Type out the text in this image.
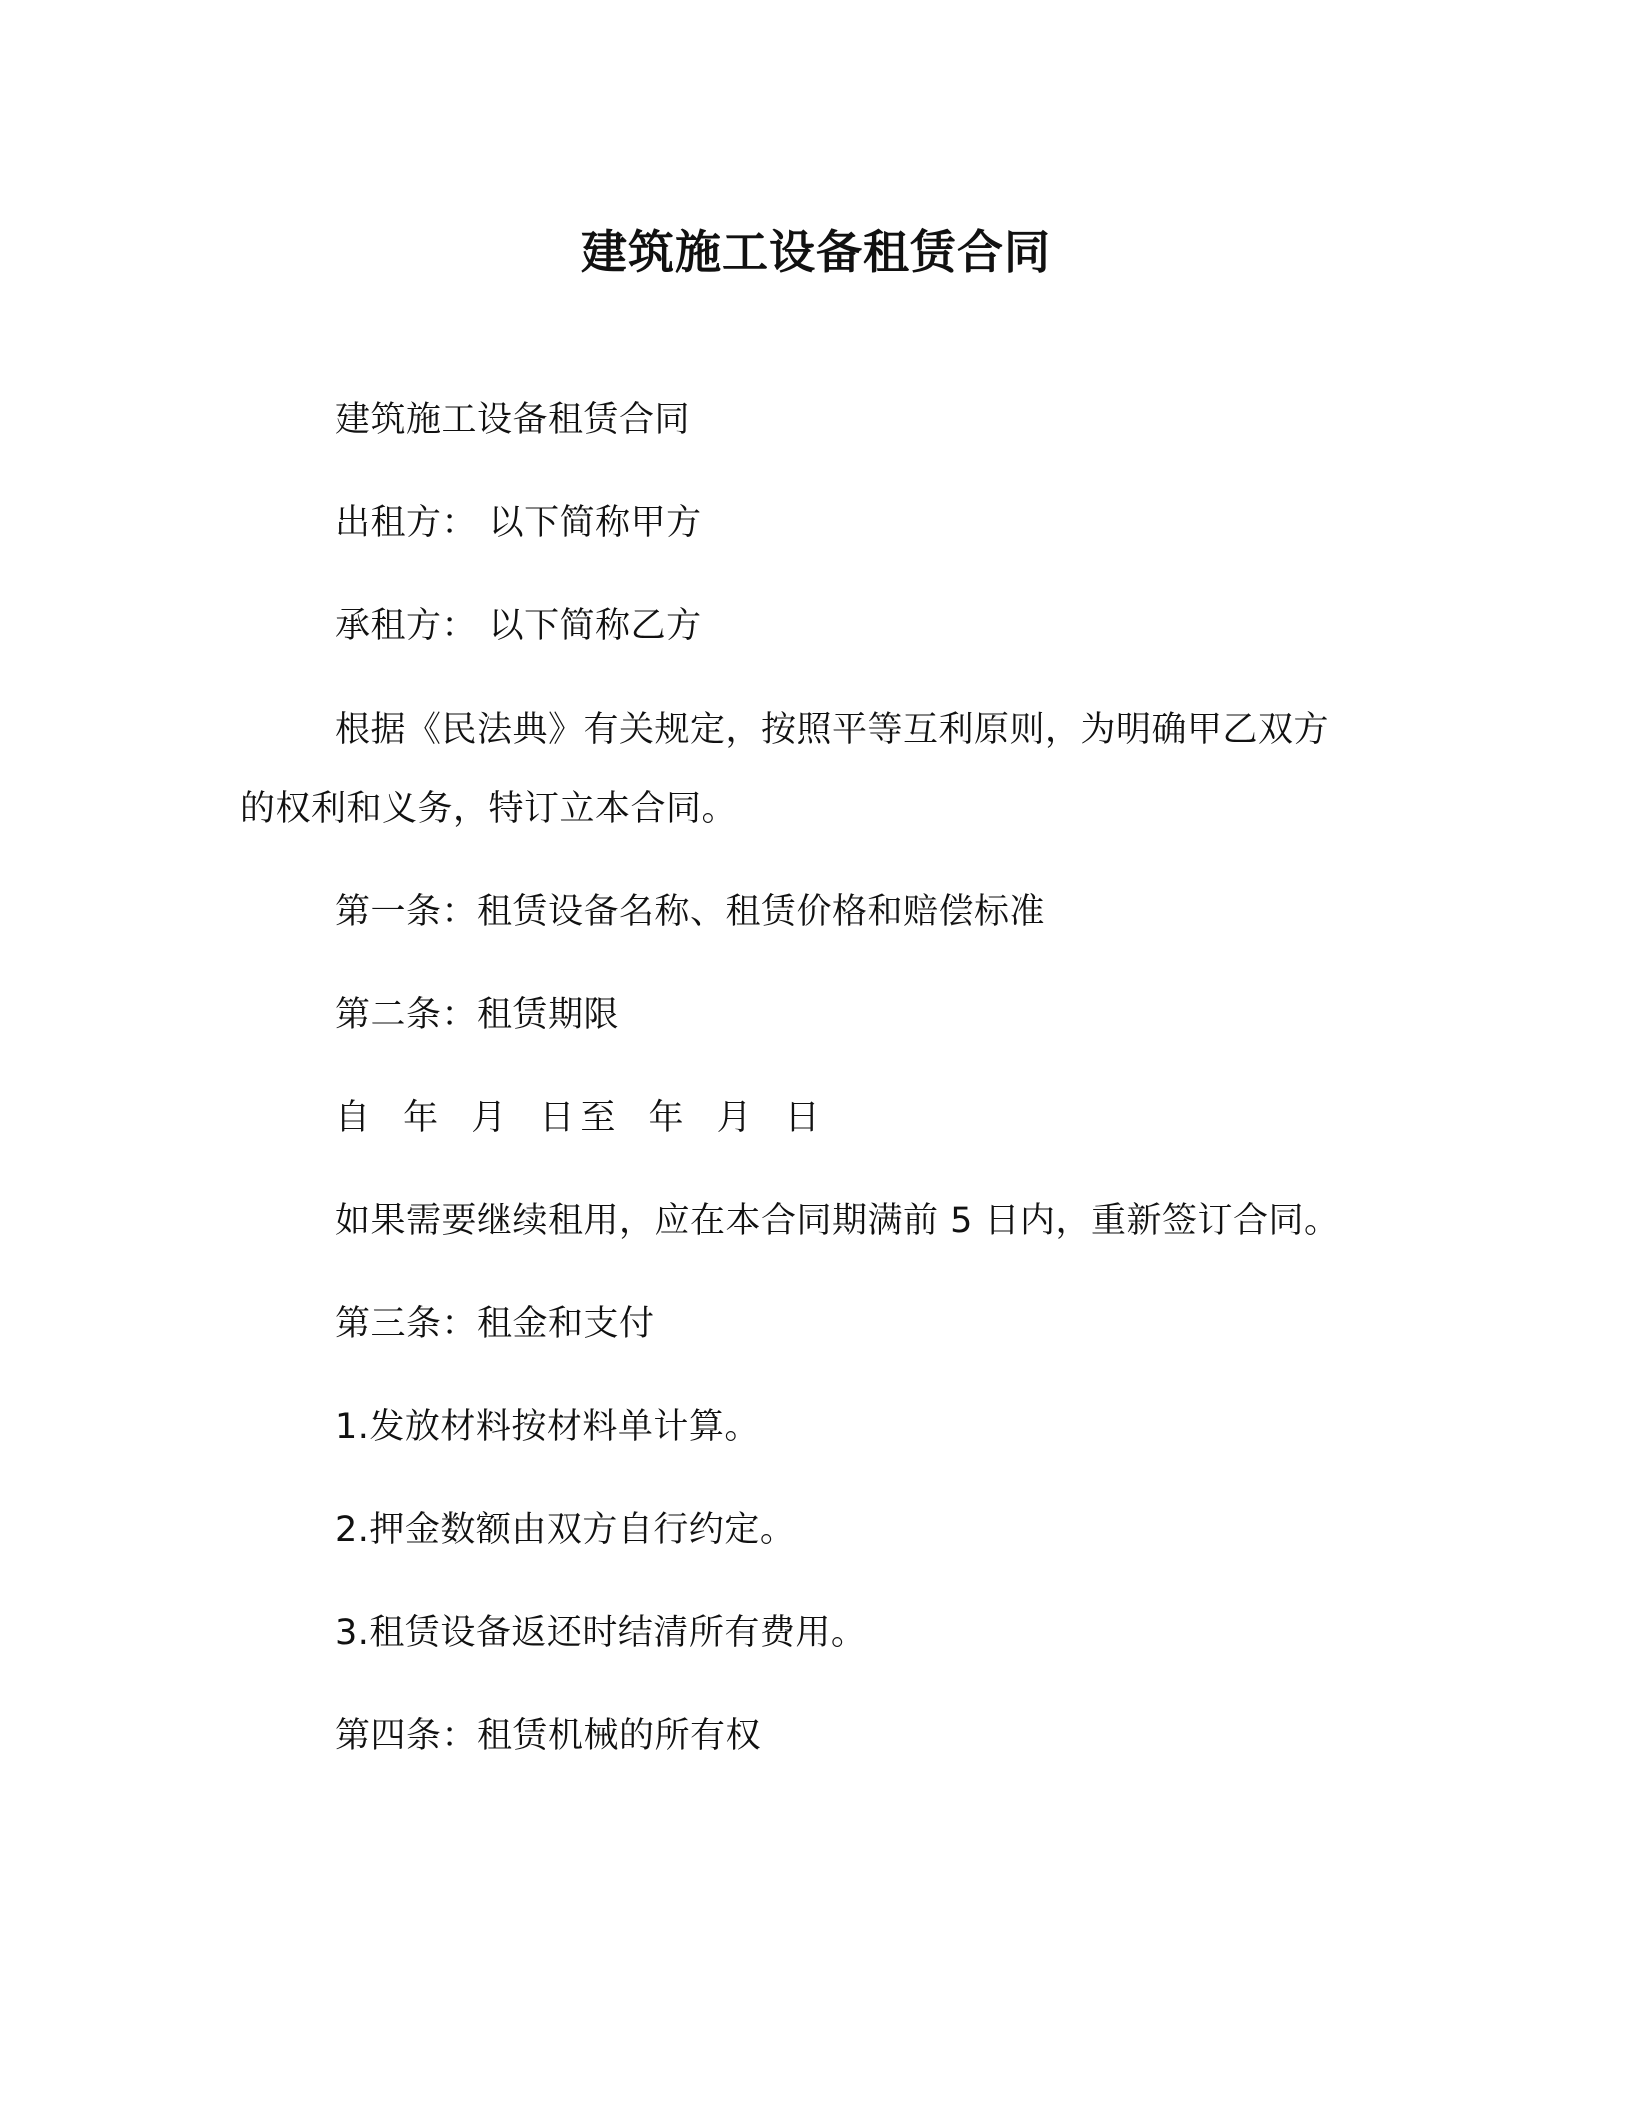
建筑施工设备租赁合同
建筑施工设备租赁合同
出租方： 以下简称甲方
承租方： 以下简称乙方
根据《民法典》有关规定，按照平等互利原则，为明确甲乙双方
的权利和义务，特订立本合同。
第一条：租赁设备名称、租赁价格和赔偿标准
第二条：租赁期限
自 年 月 日至 年 月 日
如果需要继续租用，应在本合同期满前 5 日内，重新签订合同。
第三条：租金和支付
1.发放材料按材料单计算。
2.押金数额由双方自行约定。
3.租赁设备返还时结清所有费用。
第四条：租赁机械的所有权
